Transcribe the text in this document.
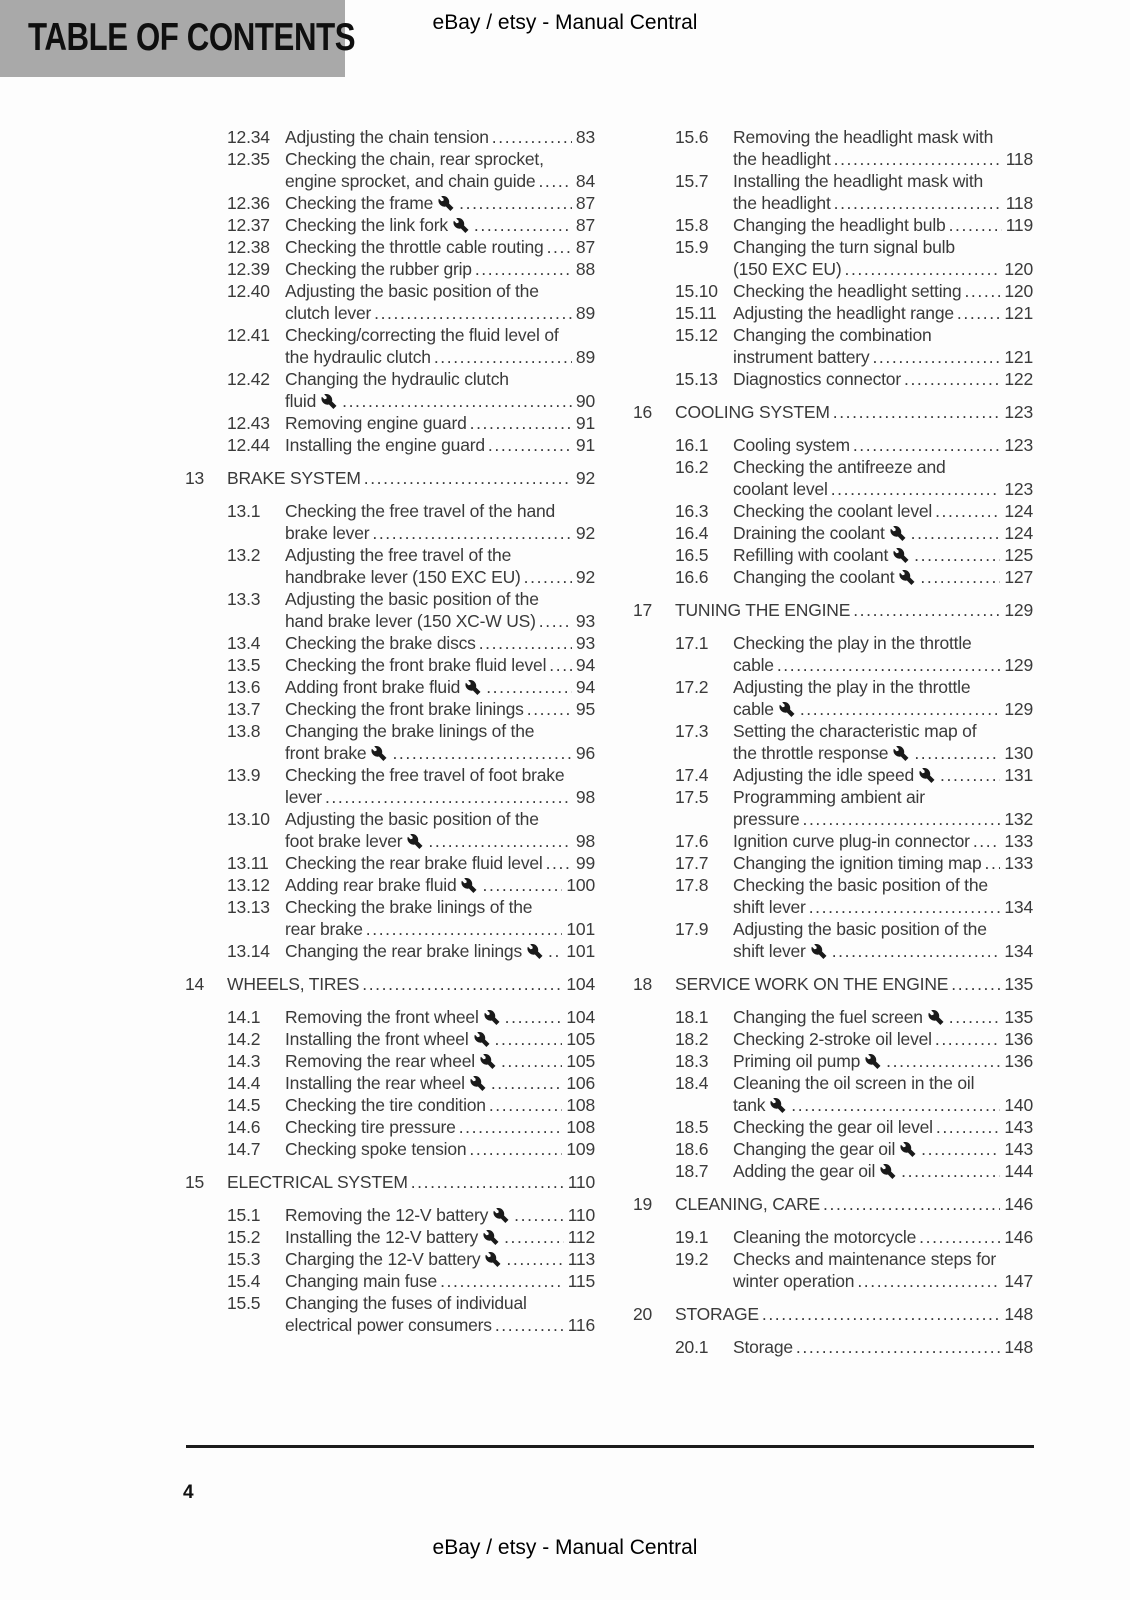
TABLE OF CONTENTS	eBay / etsy - Manual Central
12.34 Adjusting the chain tension .....	83
12.35 Checking the chain, rear sprocket,
engine sprocket, and chain guide ..... 84
12.36 Checking the frame .....	87
12.37 Checking the link fork .....	87
12.38 Checking the throttle cable routing ..... 87
12.39 Checking the rubber grip .....	88
12.40 Adjusting the basic position of the
clutch lever .....	89
12.41 Checking/correcting the fluid level of
the hydraulic clutch .....	89
12.42 Changing the hydraulic clutch
fluid .....	90
12.43 Removing engine guard .....	91
12.44 Installing the engine guard .....	91
13	BRAKE SYSTEM .....	92
13.1	Checking the free travel of the hand
brake lever .....	92
13.2	Adjusting the free travel of the
handbrake lever (150 EXC EU) .....	92
13.3	Adjusting the basic position of the
hand brake lever (150 XC-W US) ..... 93
13.4	Checking the brake discs .....	93
13.5	Checking the front brake fluid level ..... 94
13.6	Adding front brake fluid .....	94
13.7	Checking the front brake linings .....	95
13.8	Changing the brake linings of the
front brake .....	96
13.9	Checking the free travel of foot brake
lever .....	98
13.10 Adjusting the basic position of the
foot brake lever .....	98
13.11 Checking the rear brake fluid level ..... 99
13.12 Adding rear brake fluid .....	100
13.13 Checking the brake linings of the
rear brake .....	101
13.14 Changing the rear brake linings .....	101
14	WHEELS, TIRES .....	104
14.1	Removing the front wheel .....	104
14.2	Installing the front wheel .....	105
14.3	Removing the rear wheel .....	105
14.4	Installing the rear wheel .....	106
14.5	Checking the tire condition .....	108
14.6	Checking tire pressure .....	108
14.7	Checking spoke tension .....	109
15	ELECTRICAL SYSTEM .....	110
15.1	Removing the 12-V battery .....	110
15.2	Installing the 12-V battery .....	112
15.3	Charging the 12-V battery .....	113
15.4	Changing main fuse .....	115
15.5	Changing the fuses of individual
electrical power consumers .....	116
15.6	Removing the headlight mask with
the headlight .....	118
15.7	Installing the headlight mask with
the headlight .....	118
15.8	Changing the headlight bulb .....	119
15.9	Changing the turn signal bulb
(150 EXC EU) .....	120
15.10 Checking the headlight setting ..... 120
15.11 Adjusting the headlight range .....	121
15.12 Changing the combination
instrument battery .....	121
15.13 Diagnostics connector .....	122
16	COOLING SYSTEM .....	123
16.1	Cooling system .....	123
16.2	Checking the antifreeze and
coolant level .....	123
16.3	Checking the coolant level .....	124
16.4	Draining the coolant .....	124
16.5	Refilling with coolant .....	125
16.6	Changing the coolant .....	127
17	TUNING THE ENGINE .....	129
17.1	Checking the play in the throttle
cable .....	129
17.2	Adjusting the play in the throttle
cable .....	129
17.3	Setting the characteristic map of
the throttle response .....	130
17.4	Adjusting the idle speed .....	131
17.5	Programming ambient air
pressure .....	132
17.6	Ignition curve plug-in connector ..... 133
17.7	Changing the ignition timing map ..... 133
17.8	Checking the basic position of the
shift lever .....	134
17.9	Adjusting the basic position of the
shift lever .....	134
18	SERVICE WORK ON THE ENGINE .....	135
18.1	Changing the fuel screen .....	135
18.2	Checking 2-stroke oil level .....	136
18.3	Priming oil pump .....	136
18.4	Cleaning the oil screen in the oil
tank .....	140
18.5	Checking the gear oil level .....	143
18.6	Changing the gear oil .....	143
18.7	Adding the gear oil .....	144
19	CLEANING, CARE .....	146
19.1	Cleaning the motorcycle .....	146
19.2	Checks and maintenance steps for
winter operation .....	147
20	STORAGE .....	148
20.1	Storage .....	148
4
eBay / etsy - Manual Central
